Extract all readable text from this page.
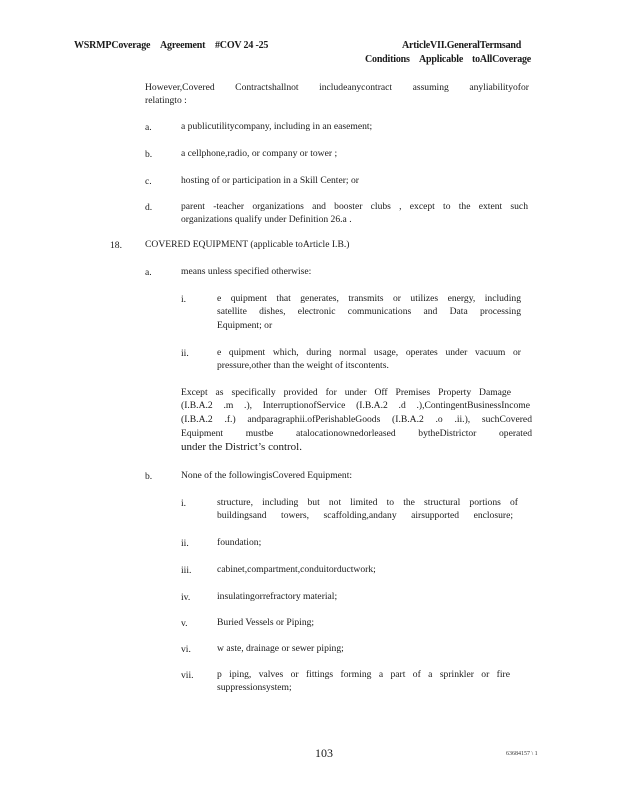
WSRMPCoverage Agreement #COV 24 -25	ArticleVII.GeneralTermsand
Conditions Applicable toAllCoverage
However,Covered Contractshallnot includeanycontract assuming anyliabilityofor
relatingto :
a.	a publicutilitycompany, including in an easement;
b.	a cellphone,radio, or company or tower ;
c.	hosting of or participation in a Skill Center; or
d.	parent -teacher organizations and booster clubs , except to the extent such
organizations qualify under Definition 26.a .
18. COVERED EQUIPMENT (applicable toArticle I.B.)
a.	means unless specified otherwise:
i.	e quipment that generates, transmits or utilizes energy, including
satellite dishes, electronic communications and Data processing
Equipment; or
ii.	e quipment which, during normal usage, operates under vacuum or
pressure,other than the weight of itscontents.
Except as specifically provided for under Off Premises Property Damage
(I.B.A.2 .m .), InterruptionofService (I.B.A.2 .d .),ContingentBusinessIncome
(I.B.A.2 .f.) andparagraphii.ofPerishableGoods (I.B.A.2 .o .ii.), suchCovered
Equipment mustbe atalocationownedorleased bytheDistrictor operated
under the District’s control.
b.	None of the followingisCovered Equipment:
i.	structure, including but not limited to the structural portions of
buildingsand towers, scaffolding,andany airsupported enclosure;
ii.	foundation;
iii.	cabinet,compartment,conduitorductwork;
iv.	insulatingorrefractory material;
v.	Buried Vessels or Piping;
vi.	w aste, drainage or sewer piping;
vii. p iping, valves or fittings forming a part of a sprinkler or fire
suppressionsystem;
103	63684157 \ 1
